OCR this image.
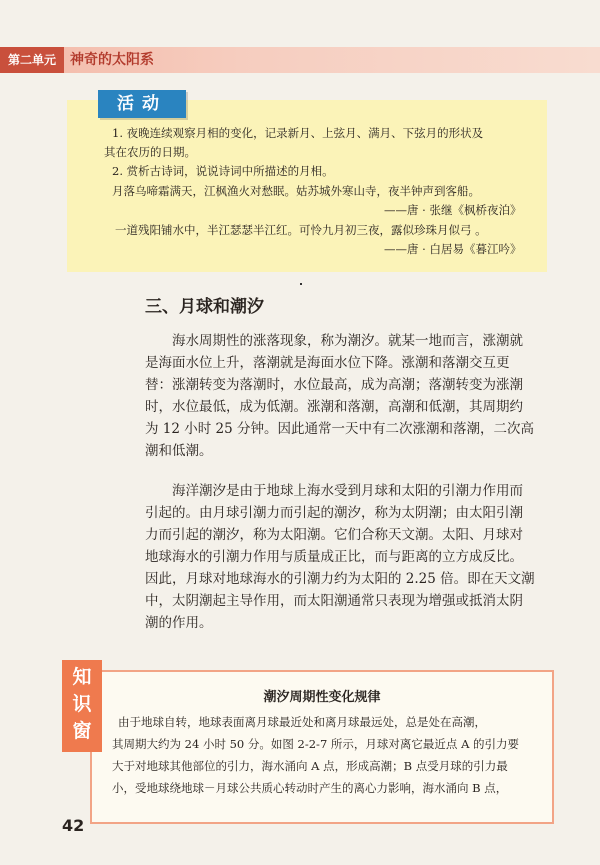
第二单元	神奇的太阳系
活动
1. 夜晚连续观察月相的变化，记录新月、上弦月、满月、下弦月的形状及
其在农历的日期。
2. 赏析古诗词，说说诗词中所描述的月相。
月落乌啼霜满天，江枫渔火对愁眠。姑苏城外寒山寺，夜半钟声到客船。
——唐 · 张继《枫桥夜泊》
一道残阳铺水中，半江瑟瑟半江红。可怜九月初三夜，露似珍珠月似弓 。
——唐 · 白居易《暮江吟》
三、月球和潮汐
海水周期性的涨落现象，称为潮汐。就某一地而言，涨潮就
是海面水位上升，落潮就是海面水位下降。涨潮和落潮交互更
替：涨潮转变为落潮时，水位最高，成为高潮；落潮转变为涨潮
时，水位最低，成为低潮。涨潮和落潮，高潮和低潮，其周期约
为 12 小时 25 分钟。因此通常一天中有二次涨潮和落潮，二次高
潮和低潮。
海洋潮汐是由于地球上海水受到月球和太阳的引潮力作用而
引起的。由月球引潮力而引起的潮汐，称为太阴潮；由太阳引潮
力而引起的潮汐，称为太阳潮。它们合称天文潮。太阳、月球对
地球海水的引潮力作用与质量成正比，而与距离的立方成反比。
因此，月球对地球海水的引潮力约为太阳的 2.25 倍。即在天文潮
中，太阴潮起主导作用，而太阳潮通常只表现为增强或抵消太阴
潮的作用。
知
识
窗
潮汐周期性变化规律
由于地球自转，地球表面离月球最近处和离月球最远处，总是处在高潮，
其周期大约为 24 小时 50 分。如图 2-2-7 所示，月球对离它最近点 A 的引力要
大于对地球其他部位的引力，海水涌向 A 点，形成高潮；B 点受月球的引力最
小，受地球绕地球－月球公共质心转动时产生的离心力影响，海水涌向 B 点，
42
